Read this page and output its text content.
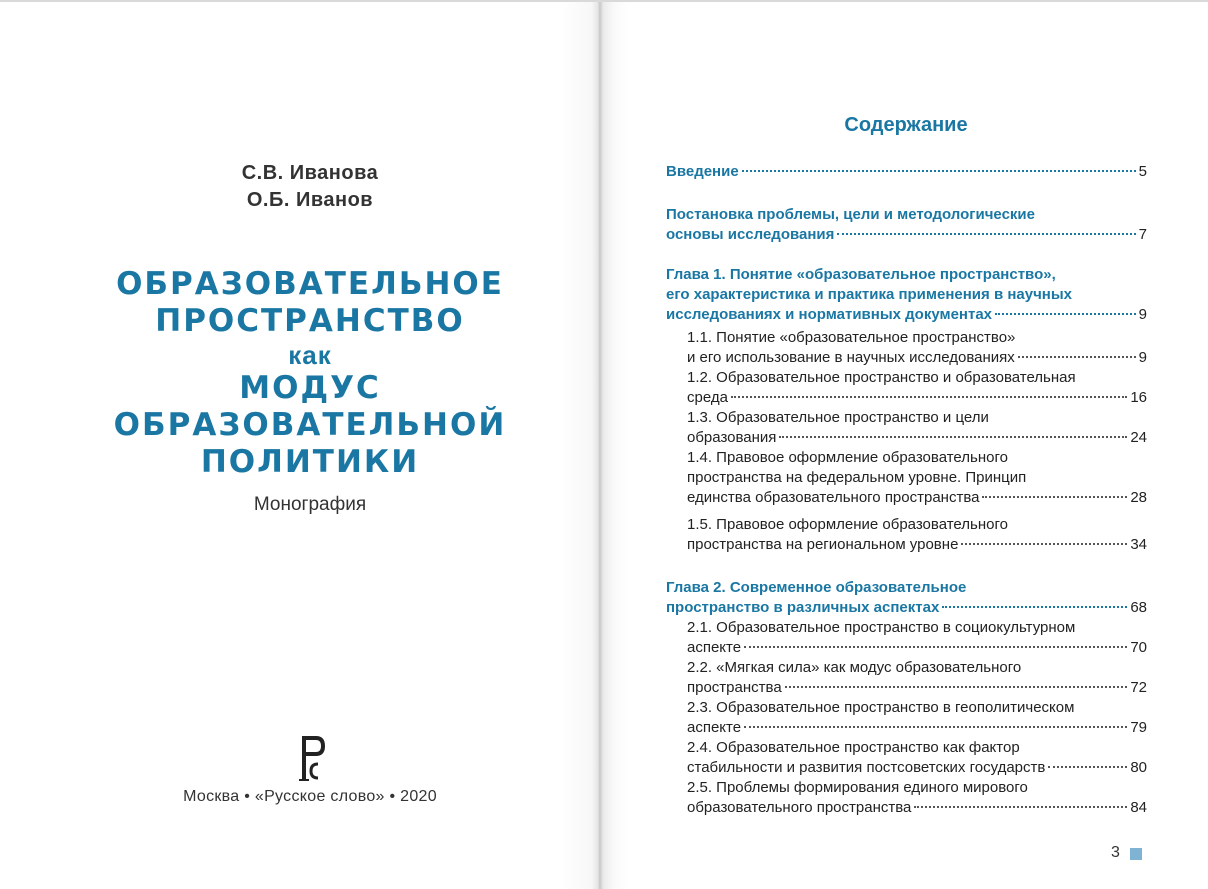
С.В. Иванова
О.Б. Иванов
ОБРАЗОВАТЕЛЬНОЕ
ПРОСТРАНСТВО
как
МОДУС
ОБРАЗОВАТЕЛЬНОЙ
ПОЛИТИКИ
Монография
Москва • «Русское слово» • 2020
Содержание
Введение	5
Постановка проблемы, цели и методологические
основы исследования	7
Глава 1. Понятие «образовательное пространство»,
его характеристика и практика применения в научных
исследованиях и нормативных документах	9
1.1. Понятие «образовательное пространство»
и его использование в научных исследованиях	9
1.2. Образовательное пространство и образовательная
среда	16
1.3. Образовательное пространство и цели
образования	24
1.4. Правовое оформление образовательного
пространства на федеральном уровне. Принцип
единства образовательного пространства	28
1.5. Правовое оформление образовательного
пространства на региональном уровне	34
Глава 2. Современное образовательное
пространство в различных аспектах	68
2.1. Образовательное пространство в социокультурном
аспекте	70
2.2. «Мягкая сила» как модус образовательного
пространства	72
2.3. Образовательное пространство в геополитическом
аспекте	79
2.4. Образовательное пространство как фактор
стабильности и развития постсоветских государств	80
2.5. Проблемы формирования единого мирового
образовательного пространства	84
3
